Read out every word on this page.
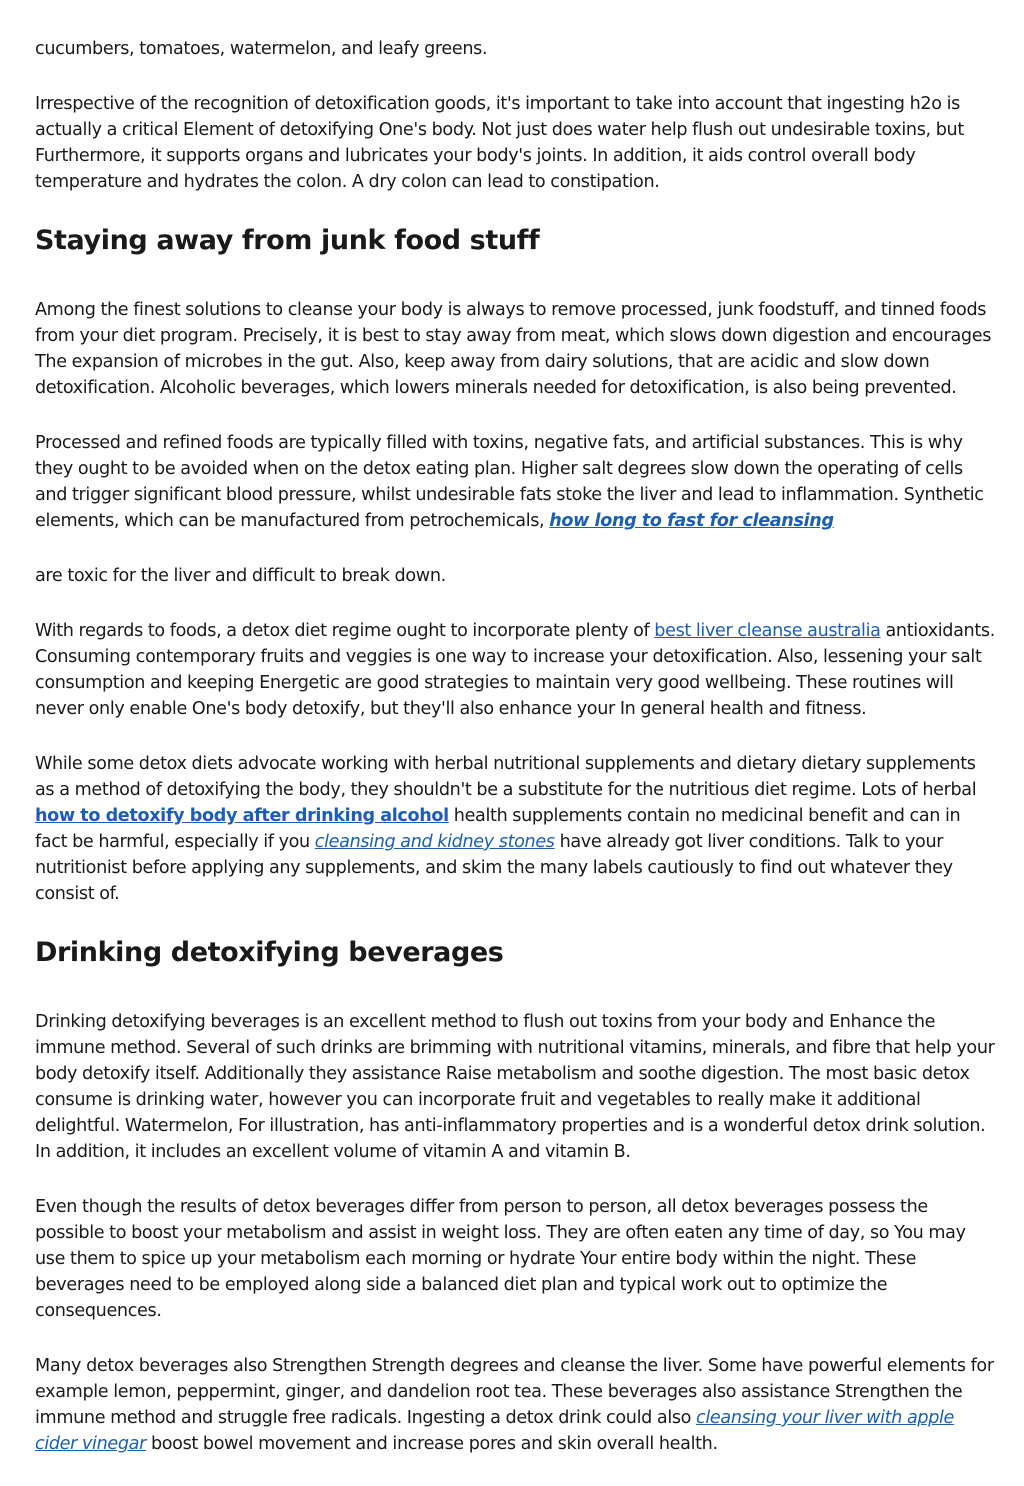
cucumbers, tomatoes, watermelon, and leafy greens.

Irrespective of the recognition of detoxification goods, it's important to take into account that ingesting h2o is actually a critical Element of detoxifying One's body. Not just does water help flush out undesirable toxins, but Furthermore, it supports organs and lubricates your body's joints. In addition, it aids control overall body temperature and hydrates the colon. A dry colon can lead to constipation.

Staying away from junk food stuff

Among the finest solutions to cleanse your body is always to remove processed, junk foodstuff, and tinned foods from your diet program. Precisely, it is best to stay away from meat, which slows down digestion and encourages The expansion of microbes in the gut. Also, keep away from dairy solutions, that are acidic and slow down detoxification. Alcoholic beverages, which lowers minerals needed for detoxification, is also being prevented.

Processed and refined foods are typically filled with toxins, negative fats, and artificial substances. This is why they ought to be avoided when on the detox eating plan. Higher salt degrees slow down the operating of cells and trigger significant blood pressure, whilst undesirable fats stoke the liver and lead to inflammation. Synthetic elements, which can be manufactured from petrochemicals, how long to fast for cleansing

are toxic for the liver and difficult to break down.

With regards to foods, a detox diet regime ought to incorporate plenty of best liver cleanse australia antioxidants. Consuming contemporary fruits and veggies is one way to increase your detoxification. Also, lessening your salt consumption and keeping Energetic are good strategies to maintain very good wellbeing. These routines will never only enable One's body detoxify, but they'll also enhance your In general health and fitness.

While some detox diets advocate working with herbal nutritional supplements and dietary dietary supplements as a method of detoxifying the body, they shouldn't be a substitute for the nutritious diet regime. Lots of herbal how to detoxify body after drinking alcohol health supplements contain no medicinal benefit and can in fact be harmful, especially if you cleansing and kidney stones have already got liver conditions. Talk to your nutritionist before applying any supplements, and skim the many labels cautiously to find out whatever they consist of.

Drinking detoxifying beverages

Drinking detoxifying beverages is an excellent method to flush out toxins from your body and Enhance the immune method. Several of such drinks are brimming with nutritional vitamins, minerals, and fibre that help your body detoxify itself. Additionally they assistance Raise metabolism and soothe digestion. The most basic detox consume is drinking water, however you can incorporate fruit and vegetables to really make it additional delightful. Watermelon, For illustration, has anti-inflammatory properties and is a wonderful detox drink solution. In addition, it includes an excellent volume of vitamin A and vitamin B.

Even though the results of detox beverages differ from person to person, all detox beverages possess the possible to boost your metabolism and assist in weight loss. They are often eaten any time of day, so You may use them to spice up your metabolism each morning or hydrate Your entire body within the night. These beverages need to be employed along side a balanced diet plan and typical work out to optimize the consequences.

Many detox beverages also Strengthen Strength degrees and cleanse the liver. Some have powerful elements for example lemon, peppermint, ginger, and dandelion root tea. These beverages also assistance Strengthen the immune method and struggle free radicals. Ingesting a detox drink could also cleansing your liver with apple cider vinegar boost bowel movement and increase pores and skin overall health.
